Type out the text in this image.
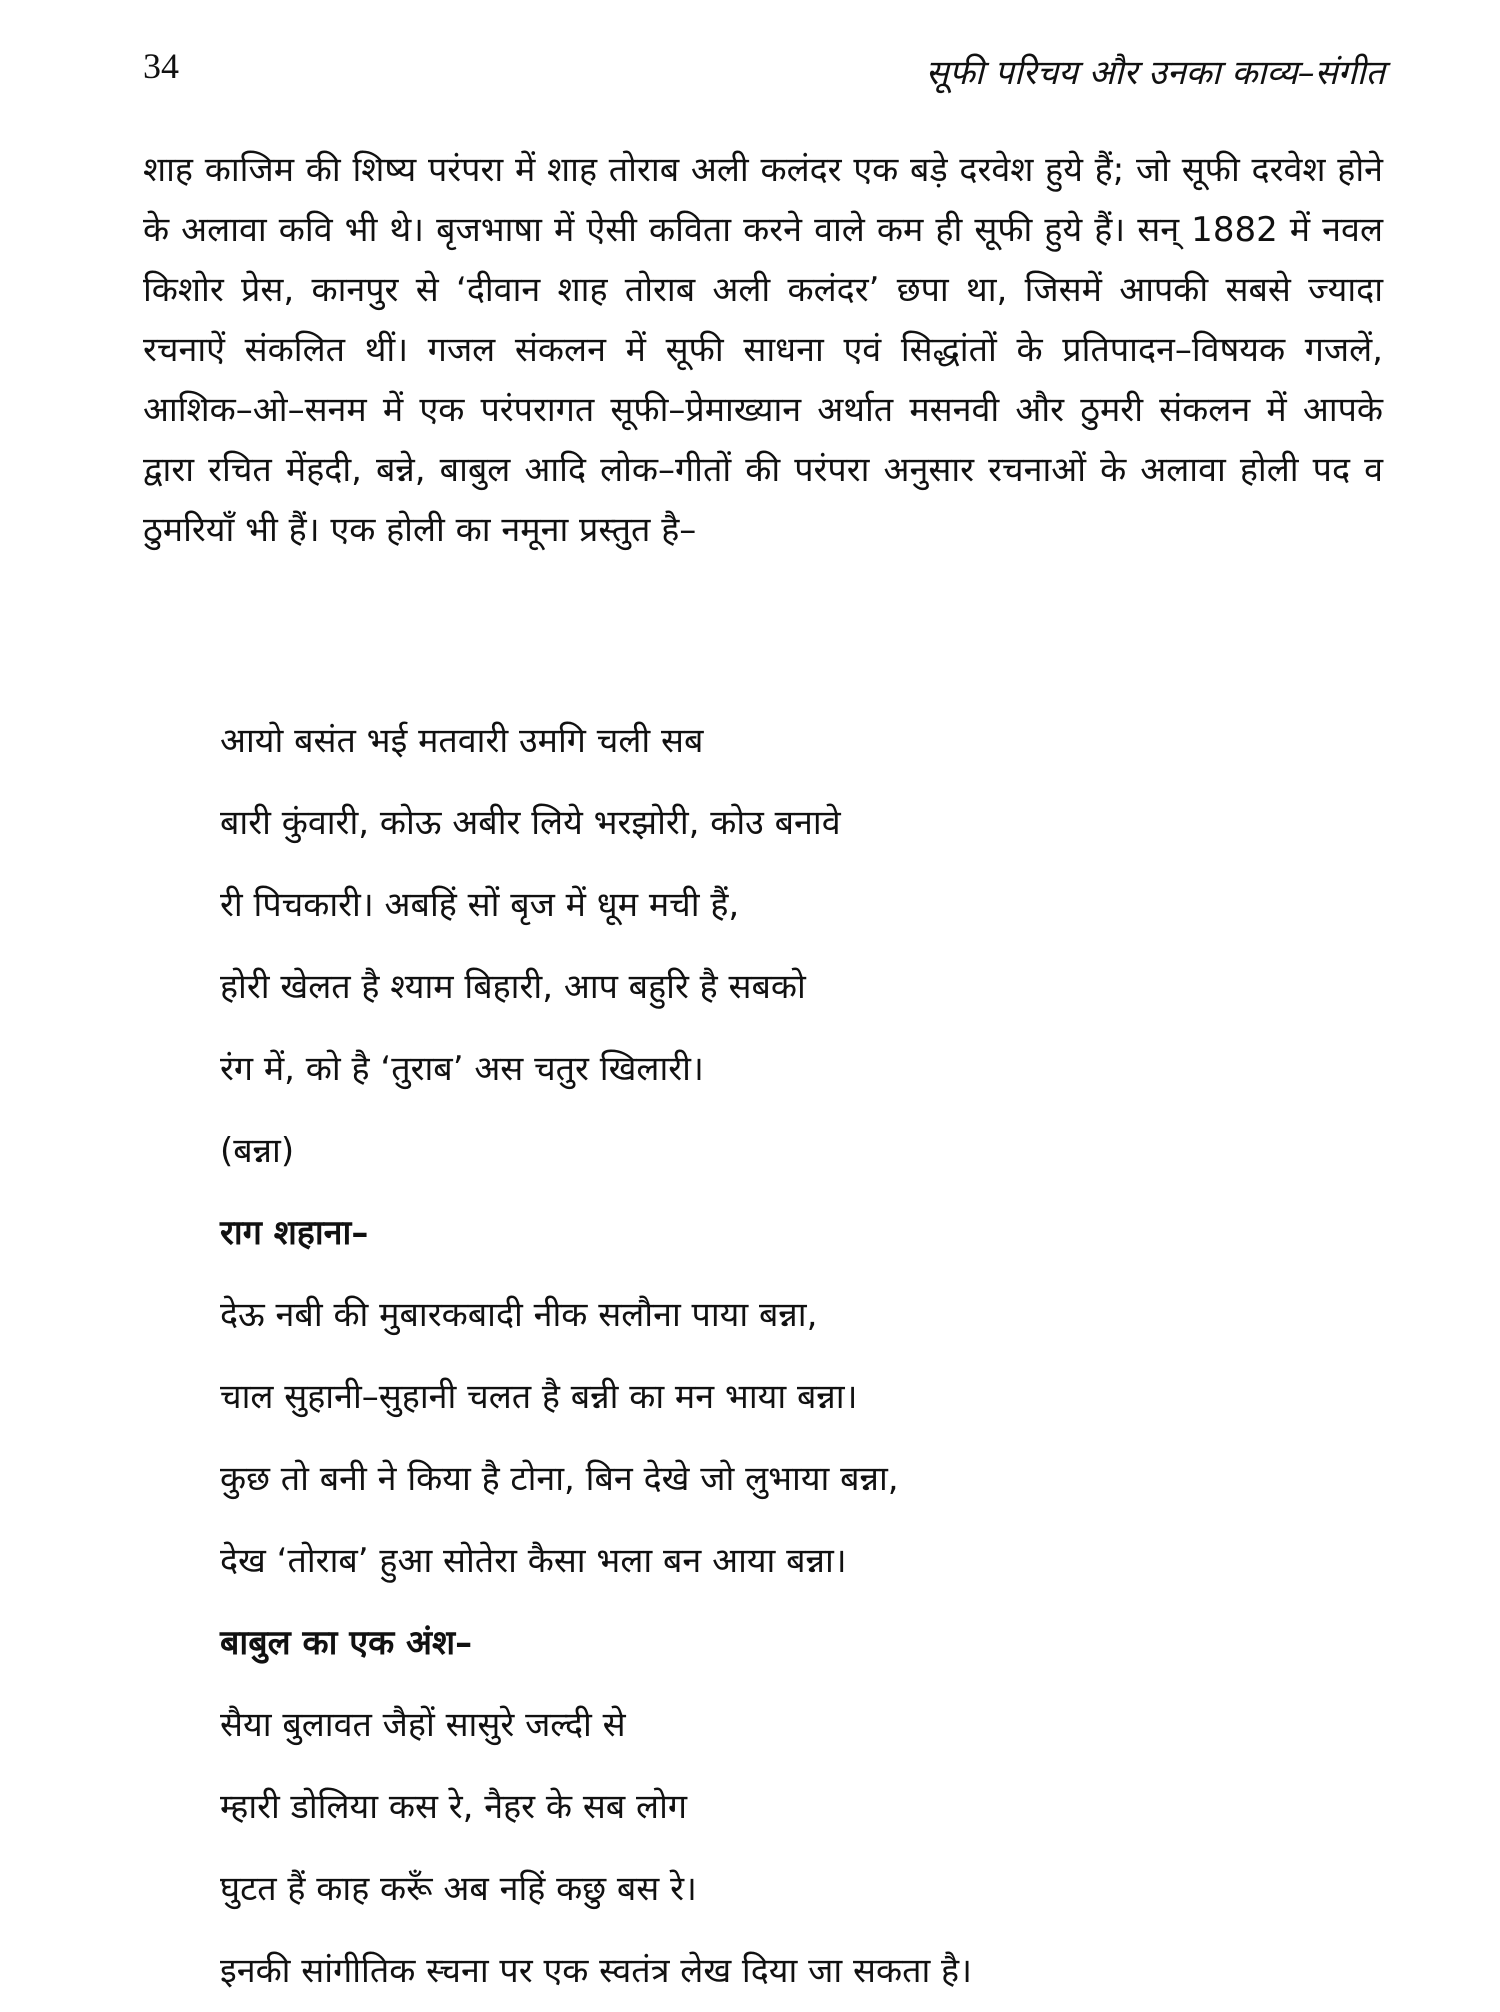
34	सूफी परिचय और उनका काव्य–संगीत

शाह काजिम की शिष्य परंपरा में शाह तोराब अली कलंदर एक बड़े दरवेश हुये हैं; जो सूफी दरवेश होने के अलावा कवि भी थे। बृजभाषा में ऐसी कविता करने वाले कम ही सूफी हुये हैं। सन् 1882 में नवल किशोर प्रेस, कानपुर से ‘दीवान शाह तोराब अली कलंदर’ छपा था, जिसमें आपकी सबसे ज्यादा रचनाऐं संकलित थीं। गजल संकलन में सूफी साधना एवं सिद्धांतों के प्रतिपादन–विषयक गजलें, आशिक–ओ–सनम में एक परंपरागत सूफी–प्रेमाख्यान अर्थात मसनवी और ठुमरी संकलन में आपके द्वारा रचित मेंहदी, बन्ने, बाबुल आदि लोक–गीतों की परंपरा अनुसार रचनाओं के अलावा होली पद व ठुमरियाँ भी हैं। एक होली का नमूना प्रस्तुत है–

आयो बसंत भई मतवारी उमगि चली सब
बारी कुंवारी, कोऊ अबीर लिये भरझोरी, कोउ बनावे
री पिचकारी। अबहिं सों बृज में धूम मची हैं,
होरी खेलत है श्याम बिहारी, आप बहुरि है सबको
रंग में, को है ‘तुराब’ अस चतुर खिलारी।
(बन्ना)
राग शहाना–
देऊ नबी की मुबारकबादी नीक सलौना पाया बन्ना,
चाल सुहानी–सुहानी चलत है बन्नी का मन भाया बन्ना।
कुछ तो बनी ने किया है टोना, बिन देखे जो लुभाया बन्ना,
देख ‘तोराब’ हुआ सोतेरा कैसा भला बन आया बन्ना।
बाबुल का एक अंश–
सैया बुलावत जैहों सासुरे जल्दी से
म्हारी डोलिया कस रे, नैहर के सब लोग
घुटत हैं काह करूँ अब नहिं कछु बस रे।
इनकी सांगीतिक स्चना पर एक स्वतंत्र लेख दिया जा सकता है।
